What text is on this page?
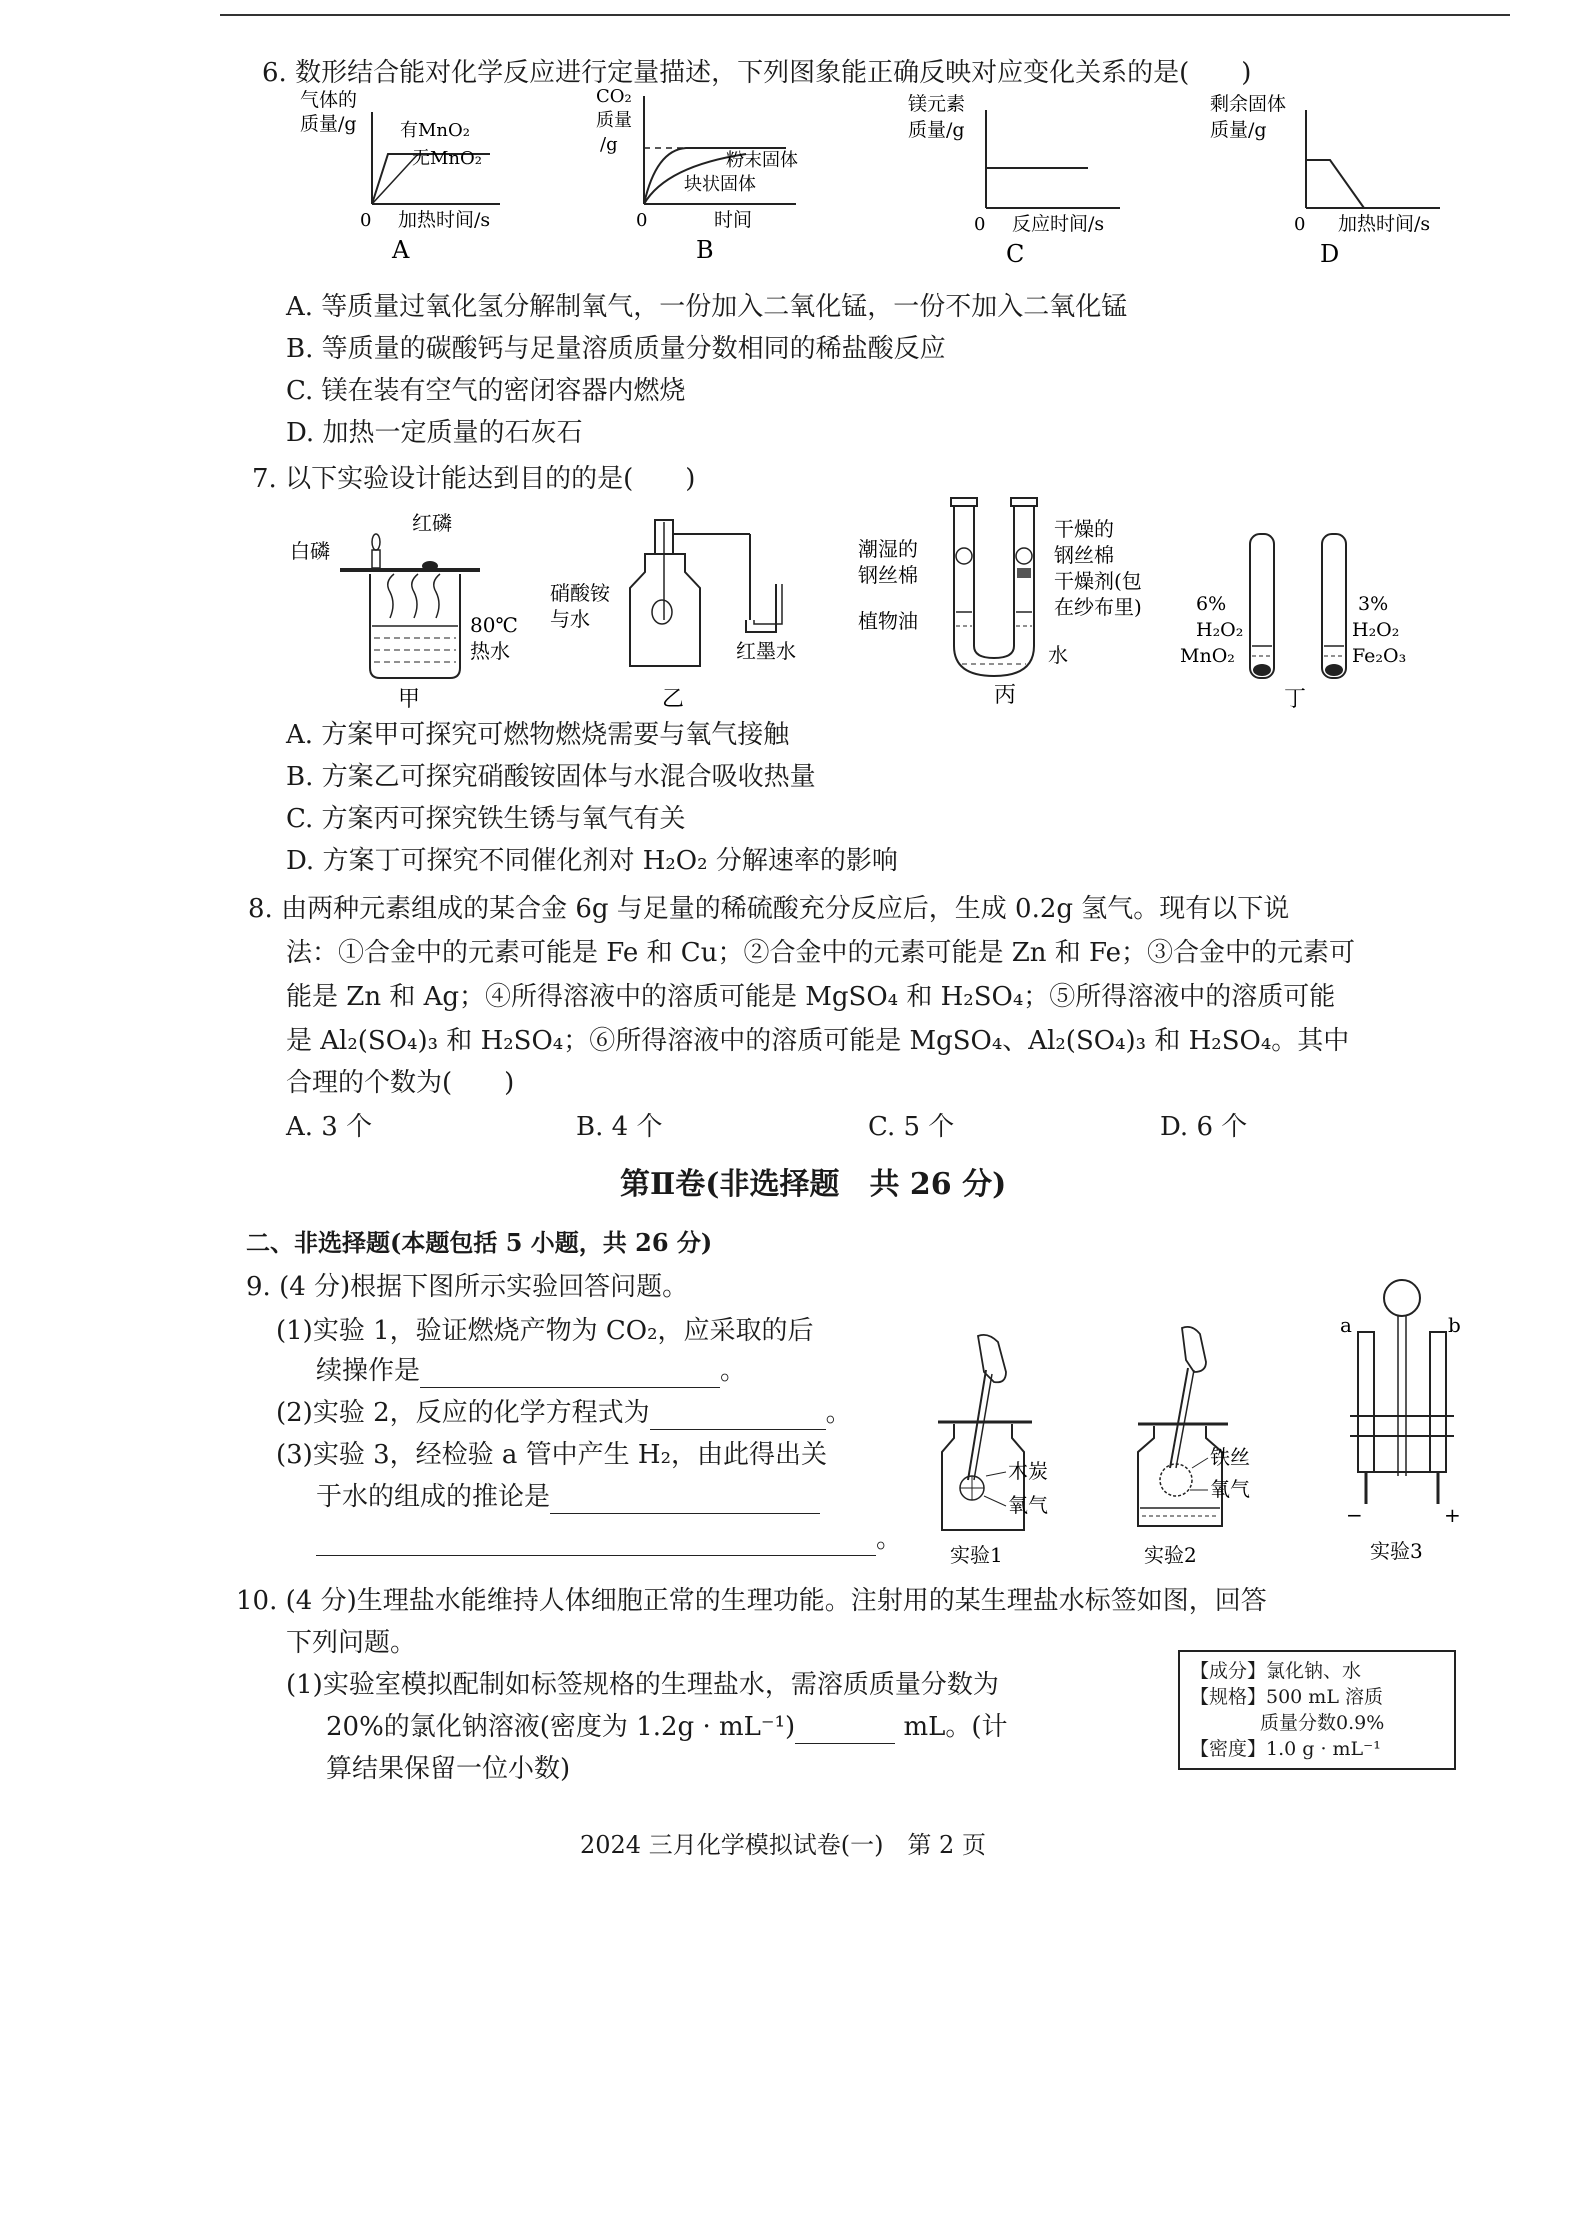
6. 数形结合能对化学反应进行定量描述，下列图象能正确反映对应变化关系的是(　　)
气体的
质量/g 有MnO₂
无MnO₂
0 加热时间/s
A
CO₂
质量
/g
粉末固体
块状固体
0	时间
B
镁元素
质量/g
0 反应时间/s
C
剩余固体
质量/g
0 加热时间/s
D
A. 等质量过氧化氢分解制氧气，一份加入二氧化锰，一份不加入二氧化锰
B. 等质量的碳酸钙与足量溶质质量分数相同的稀盐酸反应
C. 镁在装有空气的密闭容器内燃烧
D. 加热一定质量的石灰石
7. 以下实验设计能达到目的的是(　　)
白磷
红磷
80℃
热水
甲
硝酸铵
与水
红墨水
乙
潮湿的
钢丝棉
植物油
干燥的
钢丝棉
干燥剂(包
在纱布里)
水
丙
6%
H₂O₂
MnO₂
3%
H₂O₂
Fe₂O₃
丁
A. 方案甲可探究可燃物燃烧需要与氧气接触
B. 方案乙可探究硝酸铵固体与水混合吸收热量
C. 方案丙可探究铁生锈与氧气有关
D. 方案丁可探究不同催化剂对 H₂O₂ 分解速率的影响
8. 由两种元素组成的某合金 6g 与足量的稀硫酸充分反应后，生成 0.2g 氢气。现有以下说
法：①合金中的元素可能是 Fe 和 Cu；②合金中的元素可能是 Zn 和 Fe；③合金中的元素可
能是 Zn 和 Ag；④所得溶液中的溶质可能是 MgSO₄ 和 H₂SO₄；⑤所得溶液中的溶质可能
是 Al₂(SO₄)₃ 和 H₂SO₄；⑥所得溶液中的溶质可能是 MgSO₄、Al₂(SO₄)₃ 和 H₂SO₄。其中
合理的个数为(　　)
A. 3 个	B. 4 个	C. 5 个	D. 6 个
第Ⅱ卷(非选择题　共 26 分)
二、非选择题(本题包括 5 小题，共 26 分)
9. (4 分)根据下图所示实验回答问题。
(1)实验 1，验证燃烧产物为 CO₂，应采取的后
续操作是	。
(2)实验 2，反应的化学方程式为	。
(3)实验 3，经检验 a 管中产生 H₂，由此得出关
于水的组成的推论是
。
木炭
氧气
实验1
铁丝
氧气
实验2
a	b
−	+
实验3
10. (4 分)生理盐水能维持人体细胞正常的生理功能。注射用的某生理盐水标签如图，回答
下列问题。
(1)实验室模拟配制如标签规格的生理盐水，需溶质质量分数为
20%的氯化钠溶液(密度为 1.2g · mL⁻¹)	mL。(计
算结果保留一位小数)
【成分】氯化钠、水
【规格】500 mL 溶质
质量分数0.9%
【密度】1.0 g · mL⁻¹
2024 三月化学模拟试卷(一)　第 2 页
